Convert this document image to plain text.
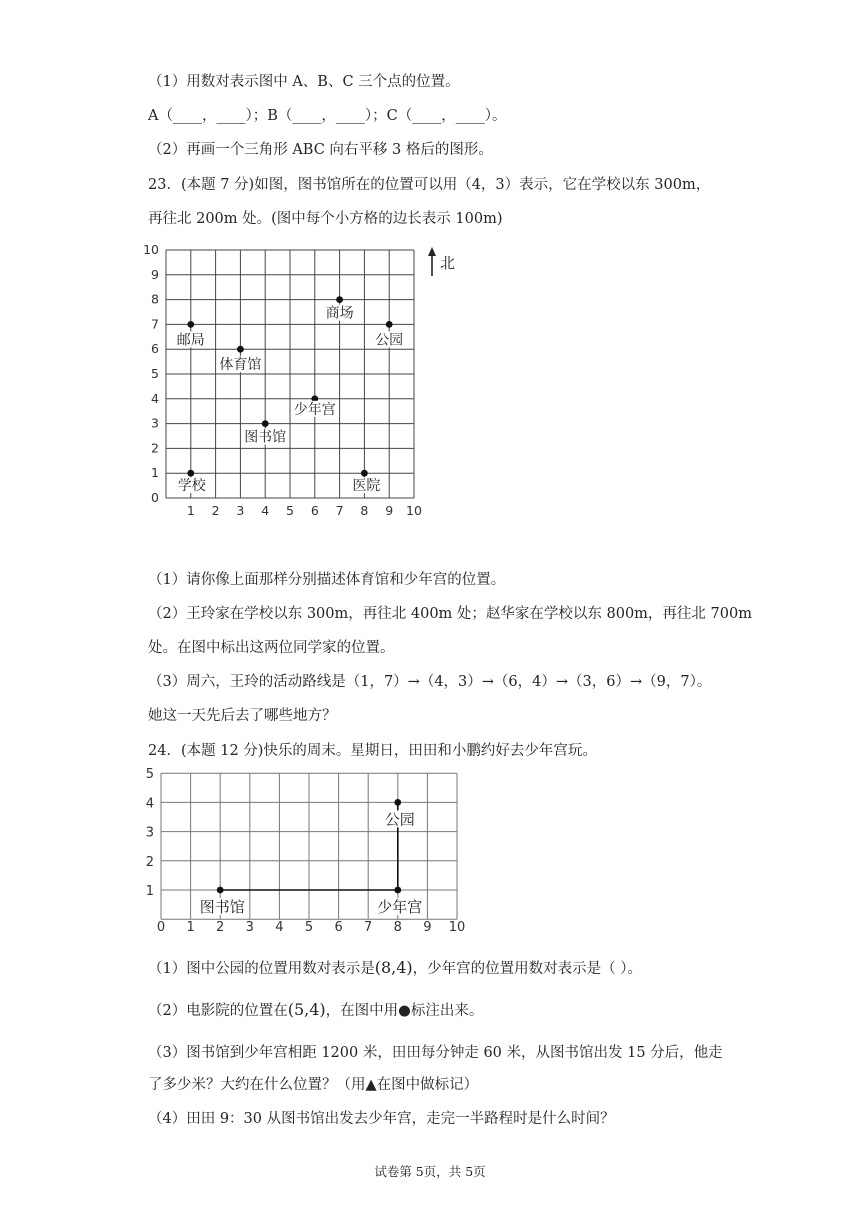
（1）用数对表示图中 A、B、C 三个点的位置。
A（____，____）；B（____，____）；C（____，____）。
（2）再画一个三角形 ABC 向右平移 3 格后的图形。
23．(本题 7 分)如图，图书馆所在的位置可以用（4，3）表示，它在学校以东 300m，
再往北 200m 处。(图中每个小方格的边长表示 100m)
1 2 3 4 5 6 7 8 9 10
0
1
2
3
4
5
6
7
8
9
10
北
邮局
体育馆
商场
公园
少年宫
图书馆
学校	医院
（1）请你像上面那样分别描述体育馆和少年宫的位置。
（2）王玲家在学校以东 300m，再往北 400m 处；赵华家在学校以东 800m，再往北 700m
处。在图中标出这两位同学家的位置。
（3）周六，王玲的活动路线是（1，7）→（4，3）→（6，4）→（3，6）→（9，7）。
她这一天先后去了哪些地方？
24．(本题 12 分)快乐的周末。星期日，田田和小鹏约好去少年宫玩。
0 1 2 3 4 5 6 7 8 9 10
1
2
3
4
5
图书馆	少年宫
公园
（1）图中公园的位置用数对表示是(8,4)，少年宫的位置用数对表示是（ ）。
（2）电影院的位置在(5,4)，在图中用●标注出来。
（3）图书馆到少年宫相距 1200 米，田田每分钟走 60 米，从图书馆出发 15 分后，他走
了多少米？大约在什么位置？（用▲在图中做标记）
（4）田田 9：30 从图书馆出发去少年宫，走完一半路程时是什么时间？
试卷第 5页，共 5页
